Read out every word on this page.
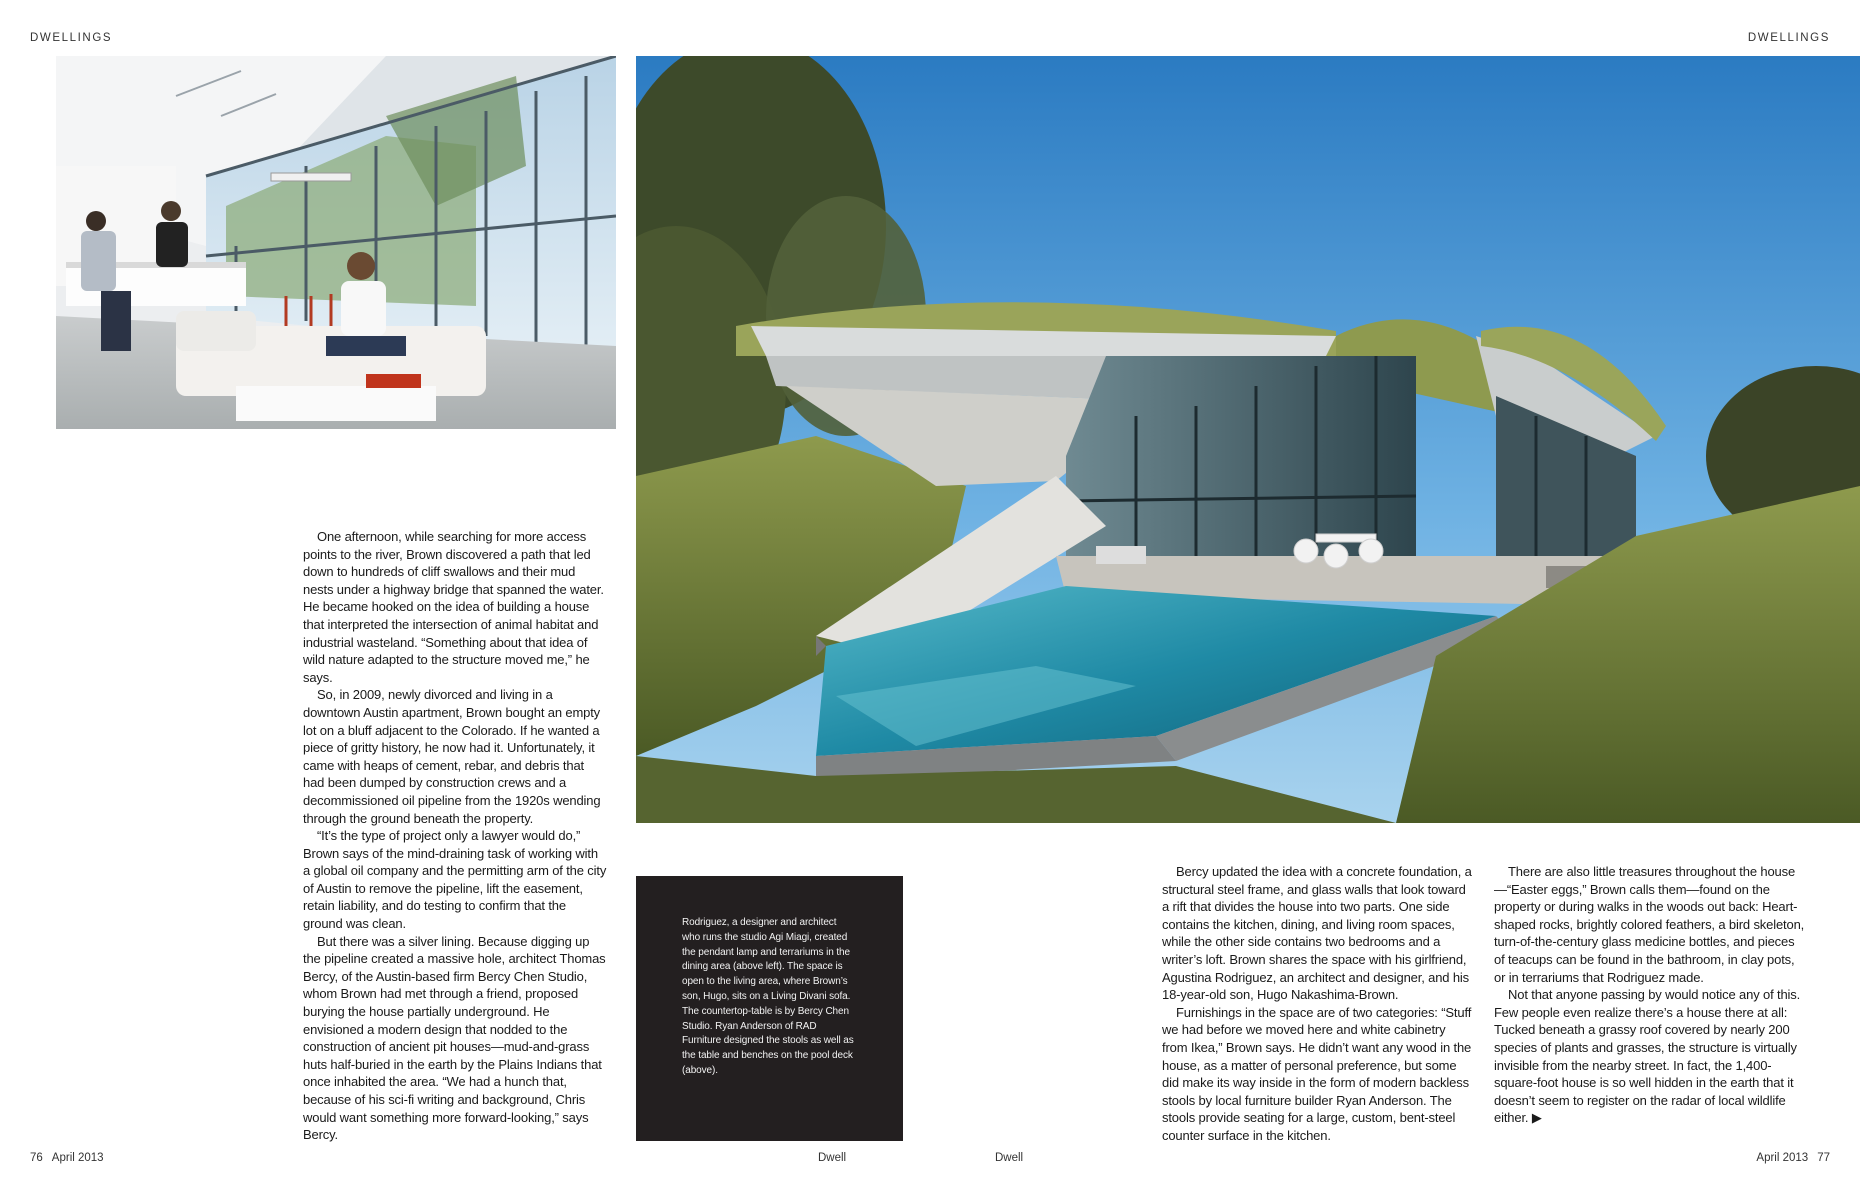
DWELLINGS	DWELLINGS

One afternoon, while searching for more access points to the river, Brown discovered a path that led down to hundreds of cliff swallows and their mud nests under a highway bridge that spanned the water. He became hooked on the idea of building a house that interpreted the intersection of animal habitat and industrial wasteland. “Something about that idea of wild nature adapted to the structure moved me,” he says.

So, in 2009, newly divorced and living in a downtown Austin apartment, Brown bought an empty lot on a bluff adjacent to the Colorado. If he wanted a piece of gritty history, he now had it. Unfortunately, it came with heaps of cement, rebar, and debris that had been dumped by construction crews and a decommissioned oil pipeline from the 1920s wending through the ground beneath the property.

“It’s the type of project only a lawyer would do,” Brown says of the mind-draining task of working with a global oil company and the permitting arm of the city of Austin to remove the pipeline, lift the easement, retain liability, and do testing to confirm that the ground was clean.

But there was a silver lining. Because digging up the pipeline created a massive hole, architect Thomas Bercy, of the Austin-based firm Bercy Chen Studio, whom Brown had met through a friend, proposed burying the house partially underground. He envisioned a modern design that nodded to the construction of ancient pit houses—mud-and-grass huts half-buried in the earth by the Plains Indians that once inhabited the area. “We had a hunch that, because of his sci-fi writing and background, Chris would want something more forward-looking,” says Bercy.

Rodriguez, a designer and architect who runs the studio Agi Miagi, created the pendant lamp and terrariums in the dining area (above left). The space is open to the living area, where Brown’s son, Hugo, sits on a Living Divani sofa. The countertop-table is by Bercy Chen Studio. Ryan Anderson of RAD Furniture designed the stools as well as the table and benches on the pool deck (above).

Bercy updated the idea with a concrete foundation, a structural steel frame, and glass walls that look toward a rift that divides the house into two parts. One side contains the kitchen, dining, and living room spaces, while the other side contains two bedrooms and a writer’s loft. Brown shares the space with his girlfriend, Agustina Rodriguez, an architect and designer, and his 18-year-old son, Hugo Nakashima-Brown.

Furnishings in the space are of two categories: “Stuff we had before we moved here and white cabinetry from Ikea,” Brown says. He didn’t want any wood in the house, as a matter of personal preference, but some did make its way inside in the form of modern backless stools by local furniture builder Ryan Anderson. The stools provide seating for a large, custom, bent-steel counter surface in the kitchen.

There are also little treasures throughout the house—“Easter eggs,” Brown calls them—found on the property or during walks in the woods out back: Heart-shaped rocks, brightly colored feathers, a bird skeleton, turn-of-the-century glass medicine bottles, and pieces of teacups can be found in the bathroom, in clay pots, or in terrariums that Rodriguez made.

Not that anyone passing by would notice any of this. Few people even realize there’s a house there at all: Tucked beneath a grassy roof covered by nearly 200 species of plants and grasses, the structure is virtually invisible from the nearby street. In fact, the 1,400-square-foot house is so well hidden in the earth that it doesn’t seem to register on the radar of local wildlife either. ▶

76 April 2013	Dwell	Dwell	April 2013 77
